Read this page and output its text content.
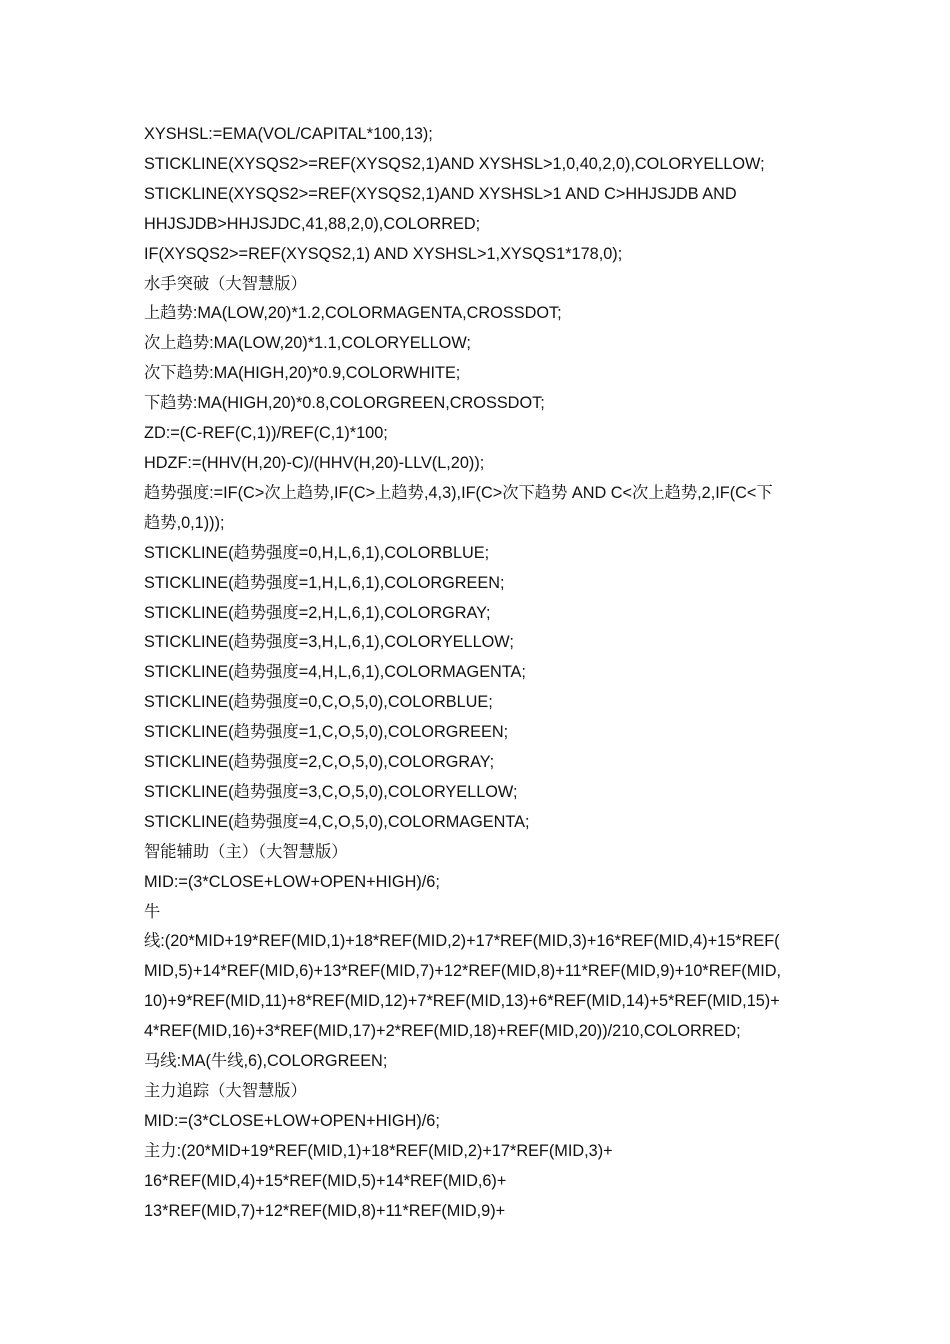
XYSHSL:=EMA(VOL/CAPITAL*100,13);
STICKLINE(XYSQS2>=REF(XYSQS2,1)AND XYSHSL>1,0,40,2,0),COLORYELLOW;
STICKLINE(XYSQS2>=REF(XYSQS2,1)AND XYSHSL>1 AND C>HHJSJDB AND
HHJSJDB>HHJSJDC,41,88,2,0),COLORRED;
IF(XYSQS2>=REF(XYSQS2,1) AND XYSHSL>1,XYSQS1*178,0);
水手突破（大智慧版）
上趋势:MA(LOW,20)*1.2,COLORMAGENTA,CROSSDOT;
次上趋势:MA(LOW,20)*1.1,COLORYELLOW;
次下趋势:MA(HIGH,20)*0.9,COLORWHITE;
下趋势:MA(HIGH,20)*0.8,COLORGREEN,CROSSDOT;
ZD:=(C-REF(C,1))/REF(C,1)*100;
HDZF:=(HHV(H,20)-C)/(HHV(H,20)-LLV(L,20));
趋势强度:=IF(C>次上趋势,IF(C>上趋势,4,3),IF(C>次下趋势 AND C<次上趋势,2,IF(C<下
趋势,0,1)));
STICKLINE(趋势强度=0,H,L,6,1),COLORBLUE;
STICKLINE(趋势强度=1,H,L,6,1),COLORGREEN;
STICKLINE(趋势强度=2,H,L,6,1),COLORGRAY;
STICKLINE(趋势强度=3,H,L,6,1),COLORYELLOW;
STICKLINE(趋势强度=4,H,L,6,1),COLORMAGENTA;
STICKLINE(趋势强度=0,C,O,5,0),COLORBLUE;
STICKLINE(趋势强度=1,C,O,5,0),COLORGREEN;
STICKLINE(趋势强度=2,C,O,5,0),COLORGRAY;
STICKLINE(趋势强度=3,C,O,5,0),COLORYELLOW;
STICKLINE(趋势强度=4,C,O,5,0),COLORMAGENTA;
智能辅助（主）（大智慧版）
MID:=(3*CLOSE+LOW+OPEN+HIGH)/6;
牛
线:(20*MID+19*REF(MID,1)+18*REF(MID,2)+17*REF(MID,3)+16*REF(MID,4)+15*REF(
MID,5)+14*REF(MID,6)+13*REF(MID,7)+12*REF(MID,8)+11*REF(MID,9)+10*REF(MID,
10)+9*REF(MID,11)+8*REF(MID,12)+7*REF(MID,13)+6*REF(MID,14)+5*REF(MID,15)+
4*REF(MID,16)+3*REF(MID,17)+2*REF(MID,18)+REF(MID,20))/210,COLORRED;
马线:MA(牛线,6),COLORGREEN;
主力追踪（大智慧版）
MID:=(3*CLOSE+LOW+OPEN+HIGH)/6;
主力:(20*MID+19*REF(MID,1)+18*REF(MID,2)+17*REF(MID,3)+
16*REF(MID,4)+15*REF(MID,5)+14*REF(MID,6)+
13*REF(MID,7)+12*REF(MID,8)+11*REF(MID,9)+
